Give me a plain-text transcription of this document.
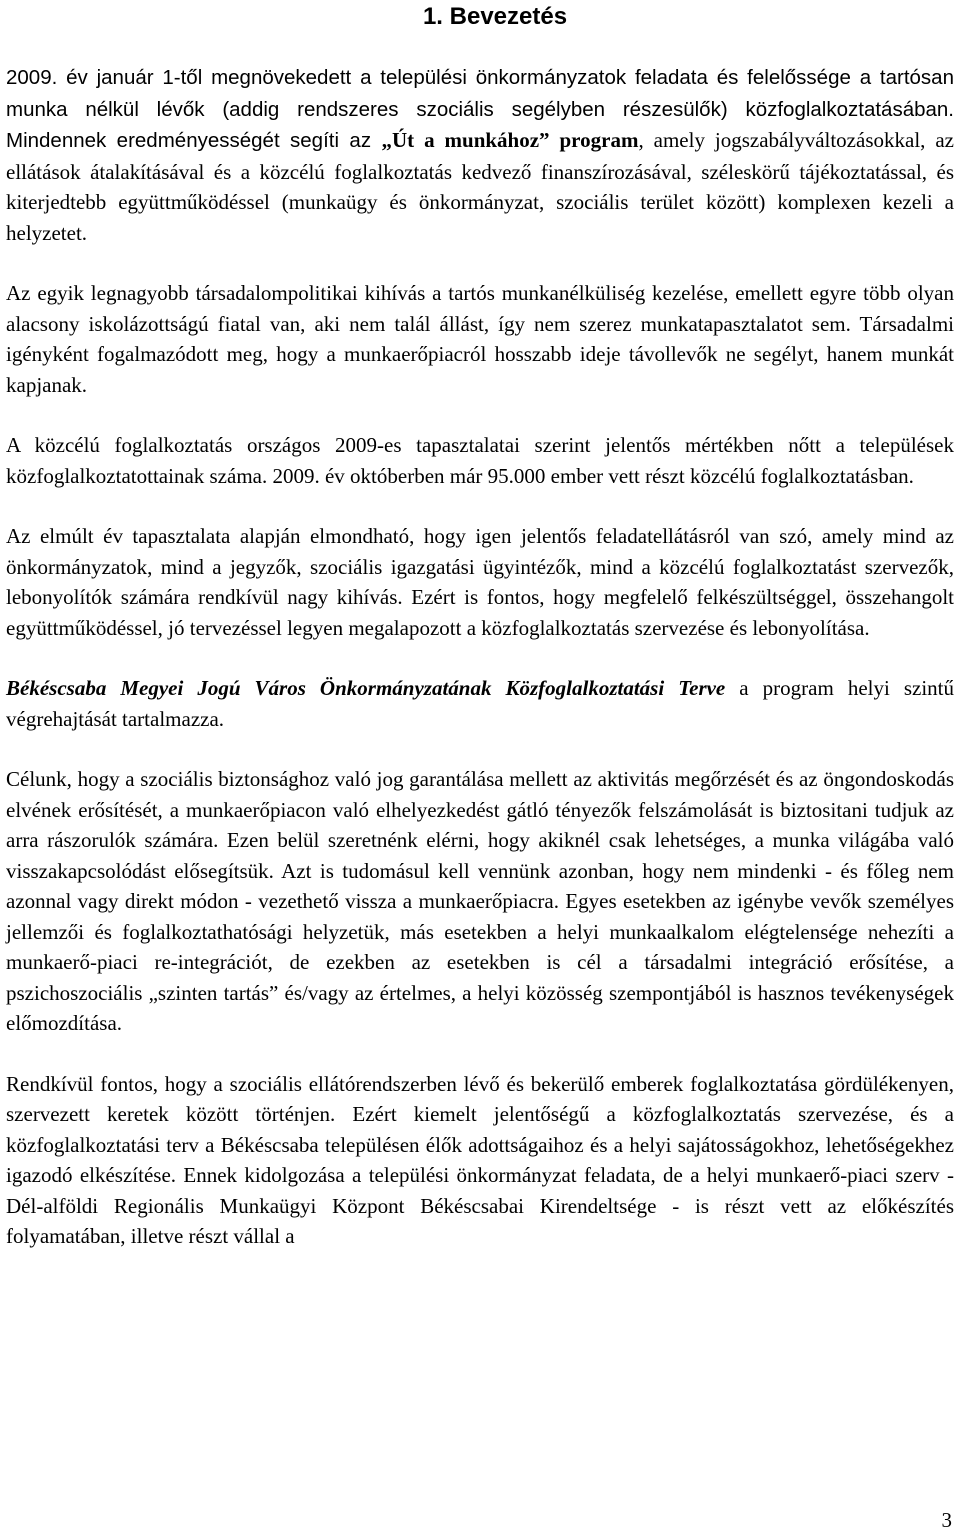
1. Bevezetés

2009. év január 1-től megnövekedett a települési önkormányzatok feladata és felelőssége a tartósan munka nélkül lévők (addig rendszeres szociális segélyben részesülők) közfoglalkoztatásában. Mindennek eredményességét segíti az „Út a munkához” program, amely jogszabályváltozásokkal, az ellátások átalakításával és a közcélú foglalkoztatás kedvező finanszírozásával, széleskörű tájékoztatással, és kiterjedtebb együttműködéssel (munkaügy és önkormányzat, szociális terület között) komplexen kezeli a helyzetet.

Az egyik legnagyobb társadalompolitikai kihívás a tartós munkanélküliség kezelése, emellett egyre több olyan alacsony iskolázottságú fiatal van, aki nem talál állást, így nem szerez munkatapasztalatot sem. Társadalmi igényként fogalmazódott meg, hogy a munkaerőpiacról hosszabb ideje távollevők ne segélyt, hanem munkát kapjanak.

A közcélú foglalkoztatás országos 2009-es tapasztalatai szerint jelentős mértékben nőtt a települések közfoglalkoztatottainak száma. 2009. év októberben már 95.000 ember vett részt közcélú foglalkoztatásban.

Az elmúlt év tapasztalata alapján elmondható, hogy igen jelentős feladatellátásról van szó, amely mind az önkormányzatok, mind a jegyzők, szociális igazgatási ügyintézők, mind a közcélú foglalkoztatást szervezők, lebonyolítók számára rendkívül nagy kihívás. Ezért is fontos, hogy megfelelő felkészültséggel, összehangolt együttműködéssel, jó tervezéssel legyen megalapozott a közfoglalkoztatás szervezése és lebonyolítása.

Békéscsaba Megyei Jogú Város Önkormányzatának Közfoglalkoztatási Terve a program helyi szintű végrehajtását tartalmazza.

Célunk, hogy a szociális biztonsághoz való jog garantálása mellett az aktivitás megőrzését és az öngondoskodás elvének erősítését, a munkaerőpiacon való elhelyezkedést gátló tényezők felszámolását is biztositani tudjuk az arra rászorulók számára. Ezen belül szeretnénk elérni, hogy akiknél csak lehetséges, a munka világába való visszakapcsolódást elősegítsük. Azt is tudomásul kell vennünk azonban, hogy nem mindenki - és főleg nem azonnal vagy direkt módon - vezethető vissza a munkaerőpiacra. Egyes esetekben az igénybe vevők személyes jellemzői és foglalkoztathatósági helyzetük, más esetekben a helyi munkaalkalom elégtelensége nehezíti a munkaerő-piaci re-integrációt, de ezekben az esetekben is cél a társadalmi integráció erősítése, a pszichoszociális „szinten tartás” és/vagy az értelmes, a helyi közösség szempontjából is hasznos tevékenységek előmozdítása.

Rendkívül fontos, hogy a szociális ellátórendszerben lévő és bekerülő emberek foglalkoztatása gördülékenyen, szervezett keretek között történjen. Ezért kiemelt jelentőségű a közfoglalkoztatás szervezése, és a közfoglalkoztatási terv a Békéscsaba településen élők adottságaihoz és a helyi sajátosságokhoz, lehetőségekhez igazodó elkészítése. Ennek kidolgozása a települési önkormányzat feladata, de a helyi munkaerő-piaci szerv - Dél-alföldi Regionális Munkaügyi Központ Békéscsabai Kirendeltsége - is részt vett az előkészítés folyamatában, illetve részt vállal a

3
